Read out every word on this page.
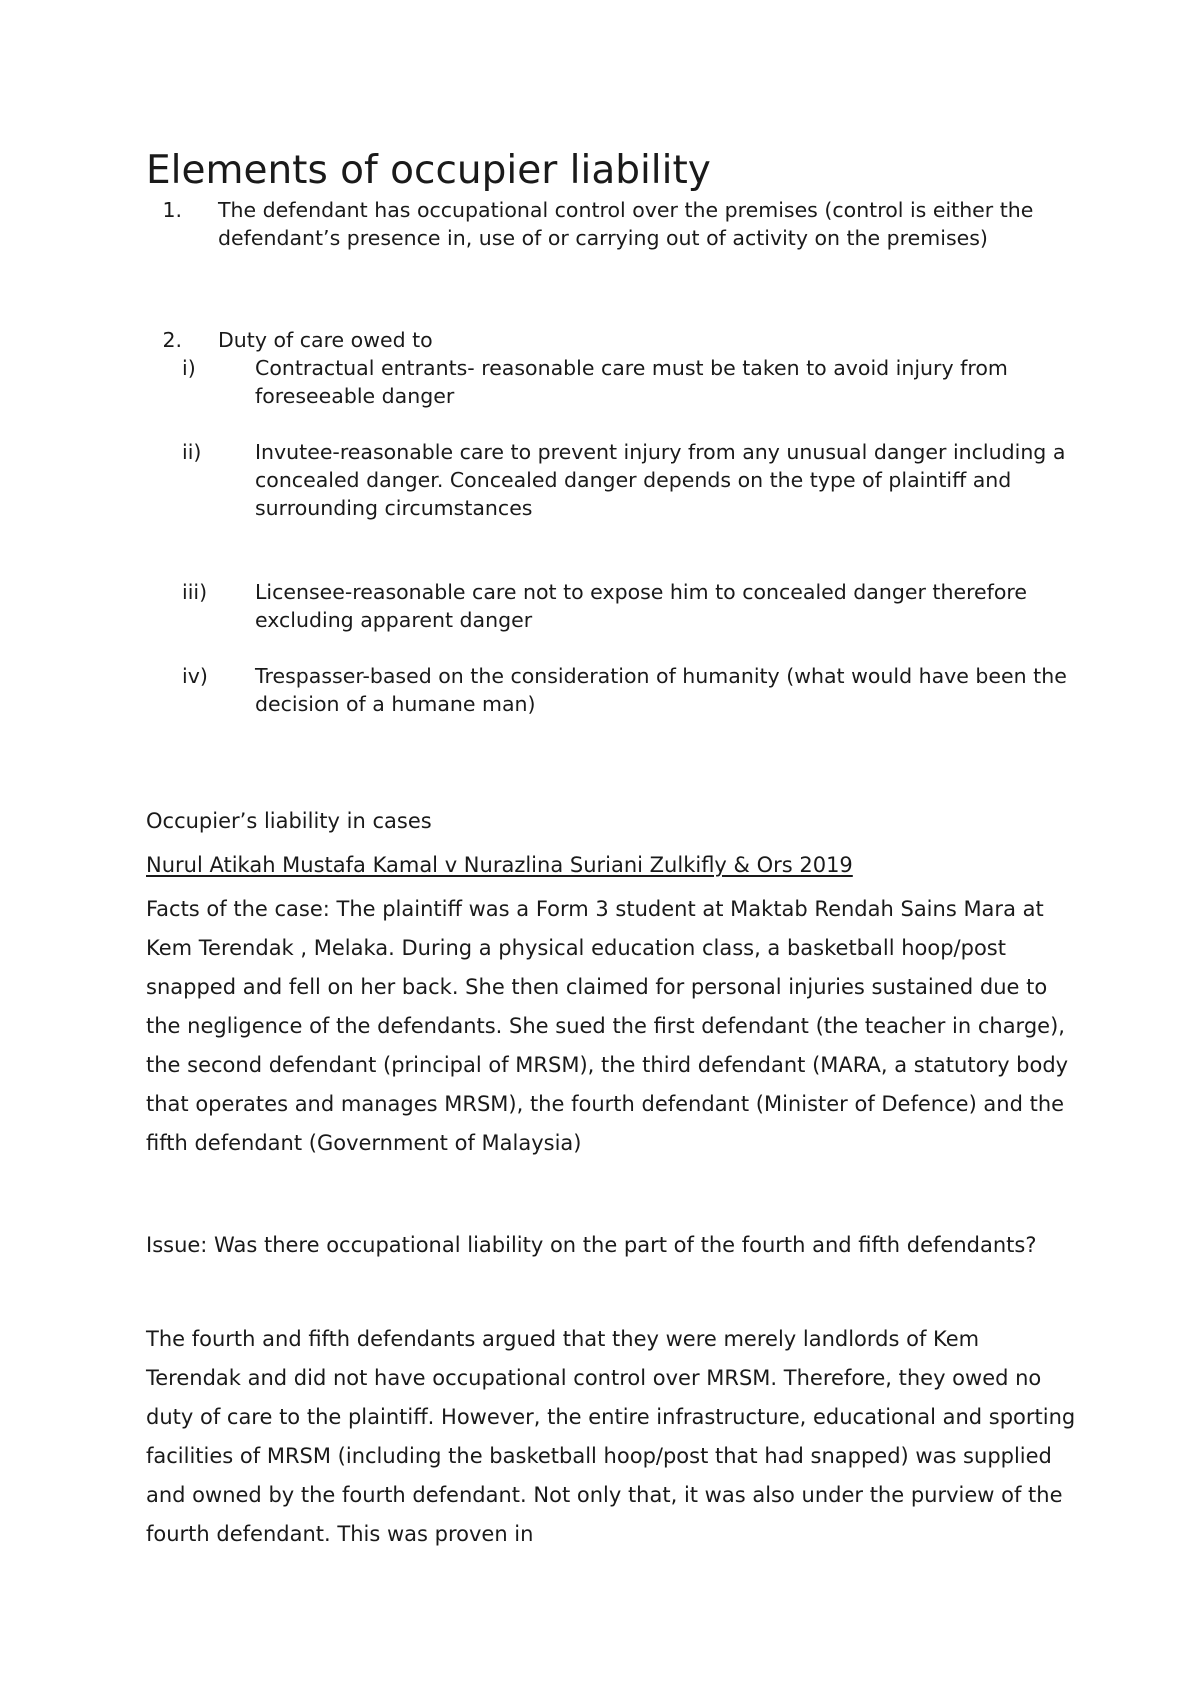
Elements of occupier liability
1. The defendant has occupational control over the premises (control is either the defendant’s presence in, use of or carrying out of activity on the premises)
2. Duty of care owed to
i)	Contractual entrants- reasonable care must be taken to avoid injury from foreseeable danger
ii)	Invutee-reasonable care to prevent injury from any unusual danger including a concealed danger. Concealed danger depends on the type of plaintiff and surrounding circumstances
iii)	Licensee-reasonable care not to expose him to concealed danger therefore excluding apparent danger
iv)	Trespasser-based on the consideration of humanity (what would have been the decision of a humane man)

Occupier’s liability in cases

Nurul Atikah Mustafa Kamal v Nurazlina Suriani Zulkifly & Ors 2019

Facts of the case: The plaintiff was a Form 3 student at Maktab Rendah Sains Mara at Kem Terendak , Melaka. During a physical education class, a basketball hoop/post snapped and fell on her back. She then claimed for personal injuries sustained due to the negligence of the defendants. She sued the first defendant (the teacher in charge), the second defendant (principal of MRSM), the third defendant (MARA, a statutory body that operates and manages MRSM), the fourth defendant (Minister of Defence) and the fifth defendant (Government of Malaysia)

Issue: Was there occupational liability on the part of the fourth and fifth defendants?

The fourth and fifth defendants argued that they were merely landlords of Kem Terendak and did not have occupational control over MRSM. Therefore, they owed no duty of care to the plaintiff. However, the entire infrastructure, educational and sporting facilities of MRSM (including the basketball hoop/post that had snapped) was supplied and owned by the fourth defendant. Not only that, it was also under the purview of the fourth defendant. This was proven in
